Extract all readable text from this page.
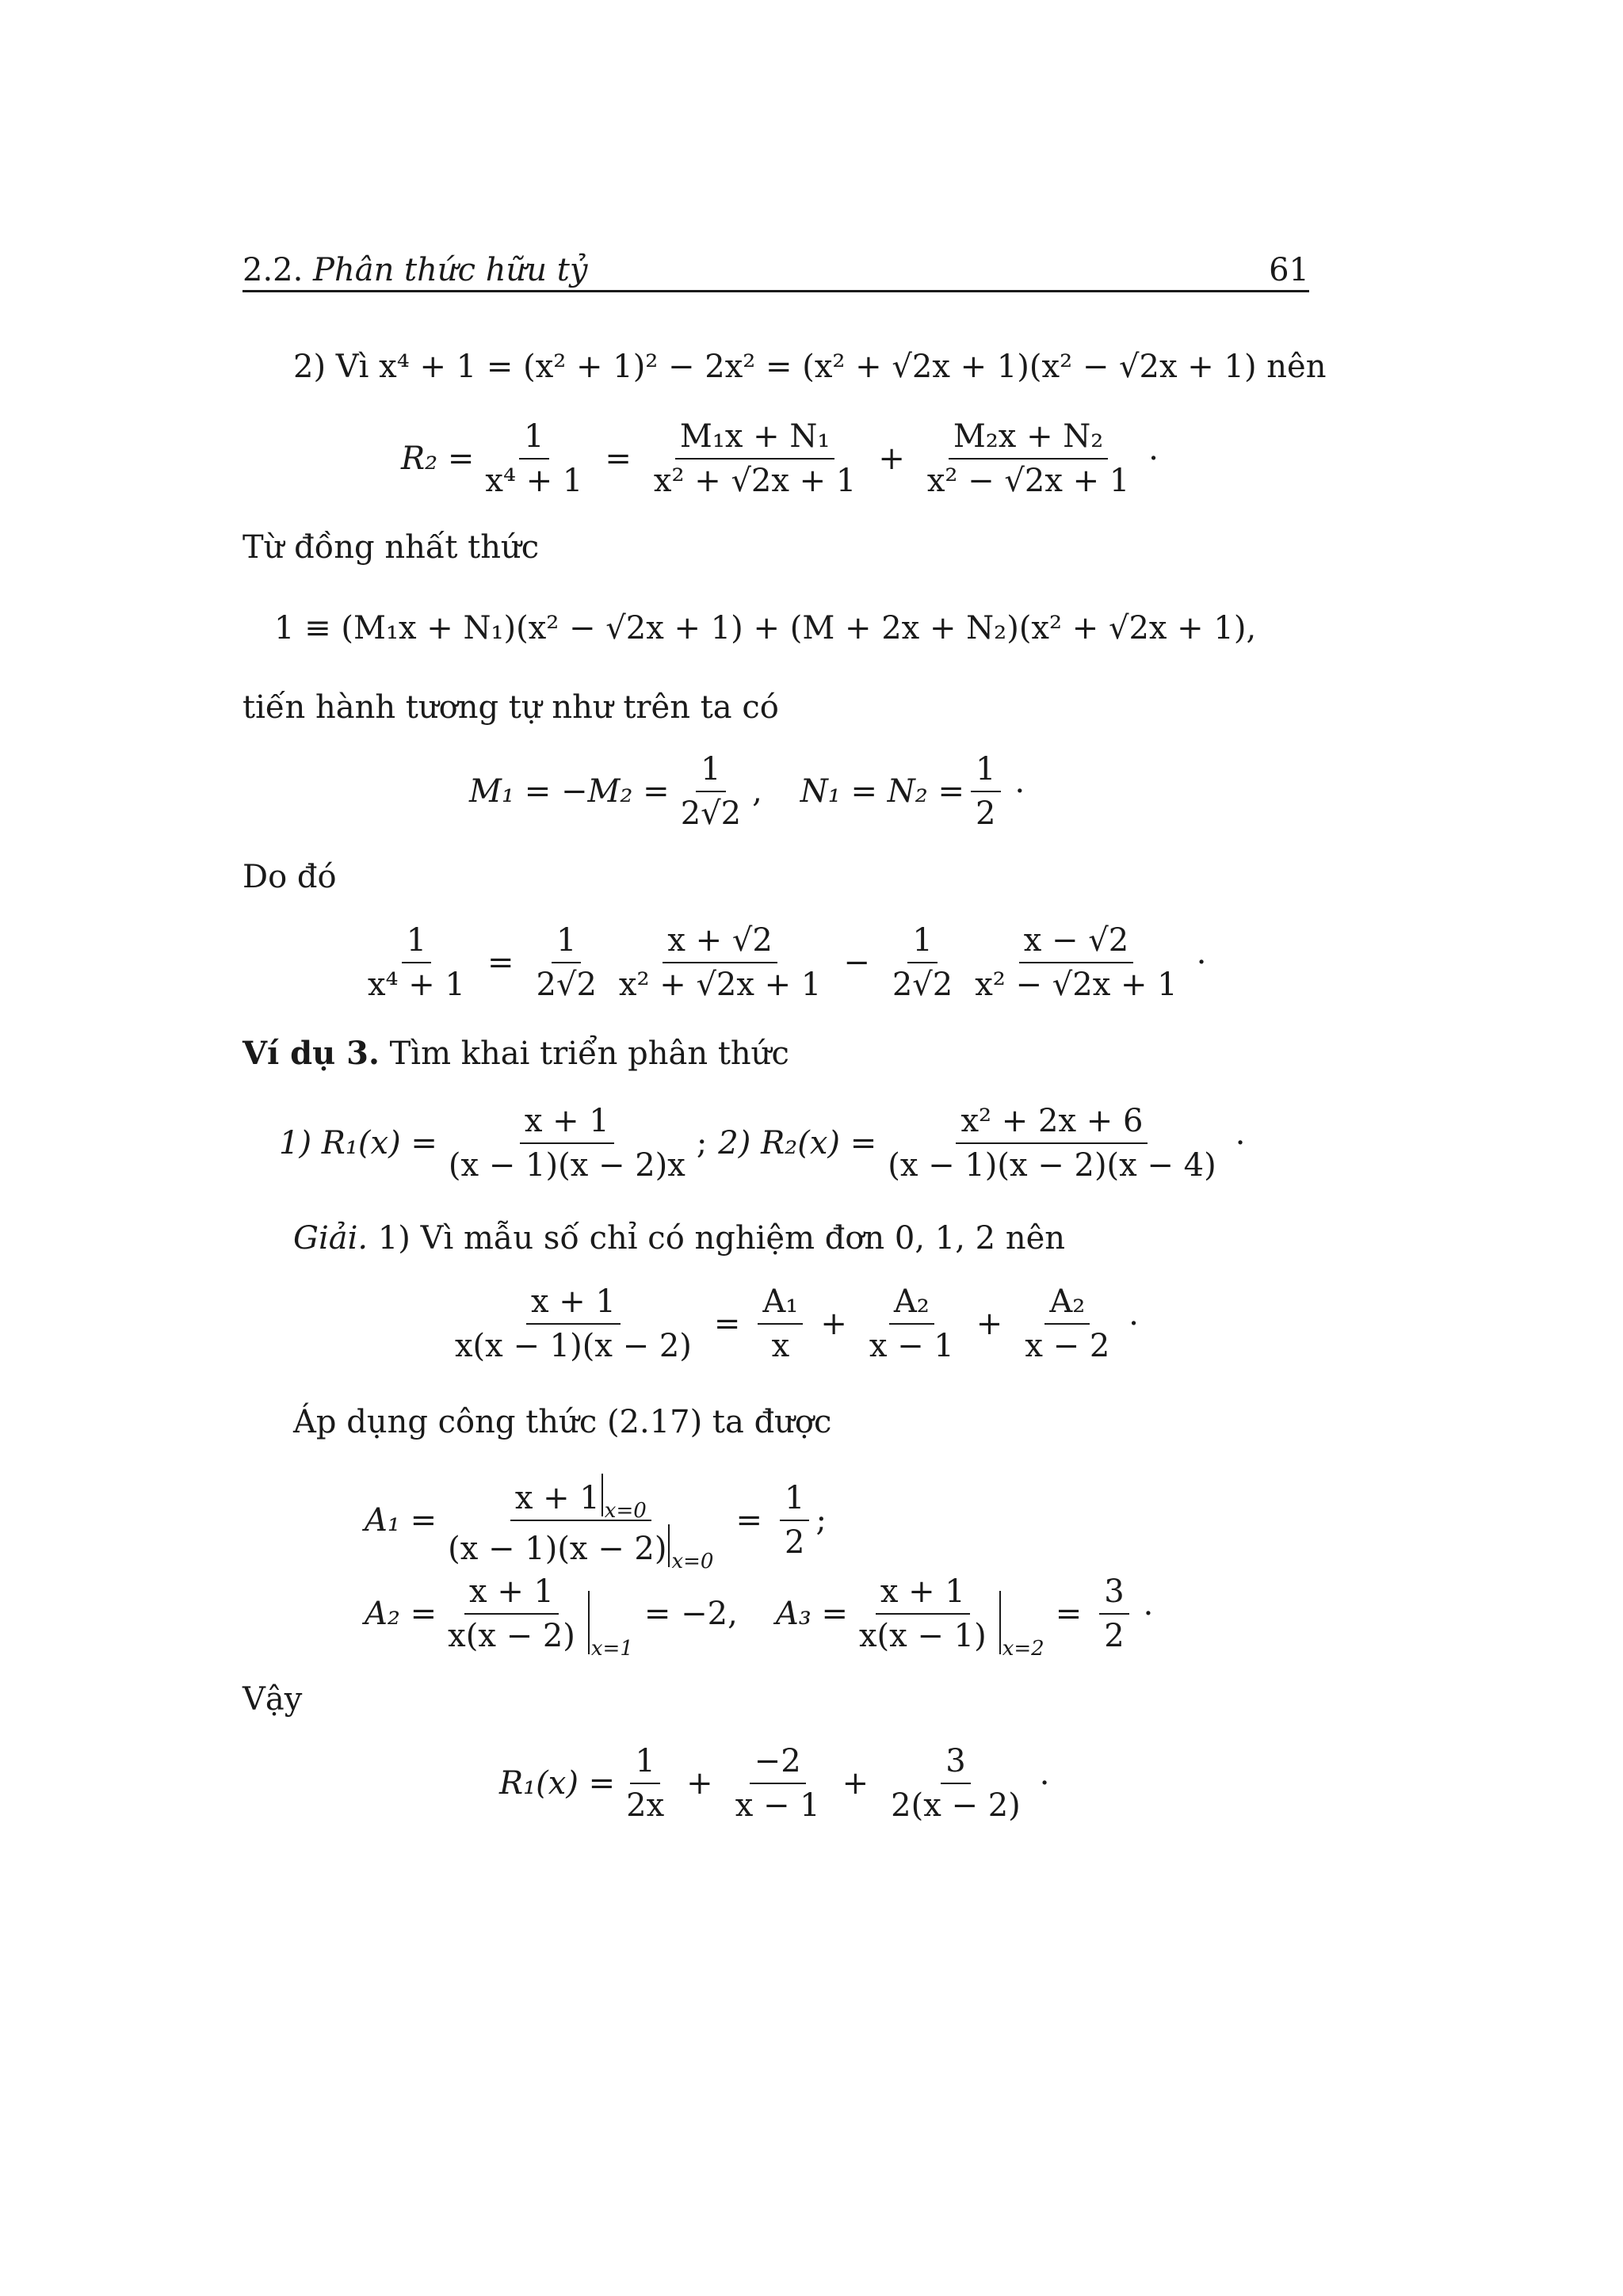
2.2. Phân thức hữu tỷ	61
2) Vì x⁴ + 1 = (x² + 1)² − 2x² = (x² + √2x + 1)(x² − √2x + 1) nên
$R_2 = \frac{1}{\text{x⁴ + 1}} = \frac{\text{M₁x + N₁}}{\text{x² + √2x + 1}} + \frac{\text{M₂x + N₂}}{\text{x² − √2x + 1}}$ ·
Từ đồng nhất thức
1 ≡ (M₁x + N₁)(x² − √2x + 1) + (M + 2x + N₂)(x² + √2x + 1),
tiến hành tương tự như trên ta có
$M_1 = -M_2 = \frac{1}{2√2}$ , $N_1 = N_2 = \frac{1}{2}$ ·
Do đó
$\frac{1}{\text{x⁴ + 1}} = \frac{1}{2√2} \frac{x + √2}{\text{x² + √2x + 1}} - \frac{1}{2√2} \frac{x - √2}{\text{x² − √2x + 1}}$ ·
Ví dụ 3. Tìm khai triển phân thức
1) $R_1(x) = \frac{x + 1}{(x - 1)(x - 2)x}$ ; 2) $R_2(x) = \frac{\text{x² + 2x + 6}}{(x - 1)(x - 2)(x - 4)}$ ·
Giải. 1) Vì mẫu số chỉ có nghiệm đơn 0, 1, 2 nên
$\frac{x + 1}{x(x - 1)(x - 2)} = \frac{\text{A₁}}{x} + \frac{\text{A₂}}{x - 1} + \frac{\text{A₂}}{x - 2}$ ·
Áp dụng công thức (2.17) ta được
$A_1 = \frac{x + 1 x=0}{(x - 1)(x - 2) x=0} = \frac{1}{2}$ ;
$A_2 = \frac{x + 1}{x(x - 2)} x=1$
= −2, $A_3 = \frac{x + 1}{x(x - 1)} x=2$
= $\frac{3}{2}$ ·
Vậy
$R_1(x) = \frac{1}{2x} + \frac{-2}{x - 1} + \frac{3}{2(x - 2)}$ ·
